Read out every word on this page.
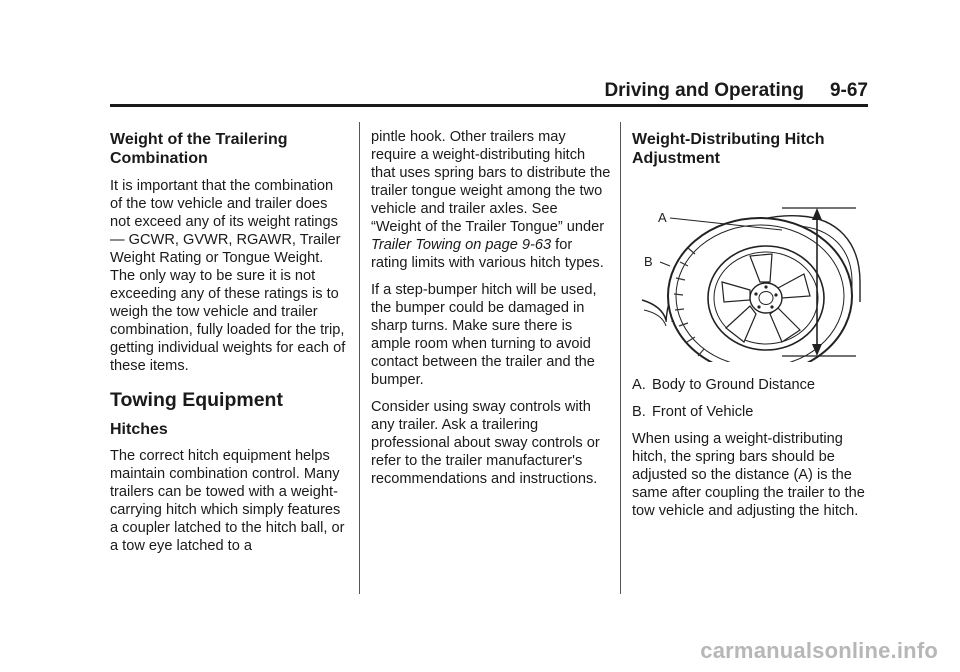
Driving and Operating 9-67
Weight of the Trailering Combination

It is important that the combination of the tow vehicle and trailer does not exceed any of its weight ratings — GCWR, GVWR, RGAWR, Trailer Weight Rating or Tongue Weight. The only way to be sure it is not exceeding any of these ratings is to weigh the tow vehicle and trailer combination, fully loaded for the trip, getting individual weights for each of these items.

Towing Equipment
Hitches

The correct hitch equipment helps maintain combination control. Many trailers can be towed with a weight-carrying hitch which simply features a coupler latched to the hitch ball, or a tow eye latched to a

pintle hook. Other trailers may require a weight-distributing hitch that uses spring bars to distribute the trailer tongue weight among the two vehicle and trailer axles. See “Weight of the Trailer Tongue” under Trailer Towing on page 9-63 for rating limits with various hitch types.

If a step-bumper hitch will be used, the bumper could be damaged in sharp turns. Make sure there is ample room when turning to avoid contact between the trailer and the bumper.

Consider using sway controls with any trailer. Ask a trailering professional about sway controls or refer to the trailer manufacturer's recommendations and instructions.

Weight-Distributing Hitch Adjustment
A
B

A. Body to Ground Distance

B. Front of Vehicle

When using a weight-distributing hitch, the spring bars should be adjusted so the distance (A) is the same after coupling the trailer to the tow vehicle and adjusting the hitch.

carmanualsonline.info
